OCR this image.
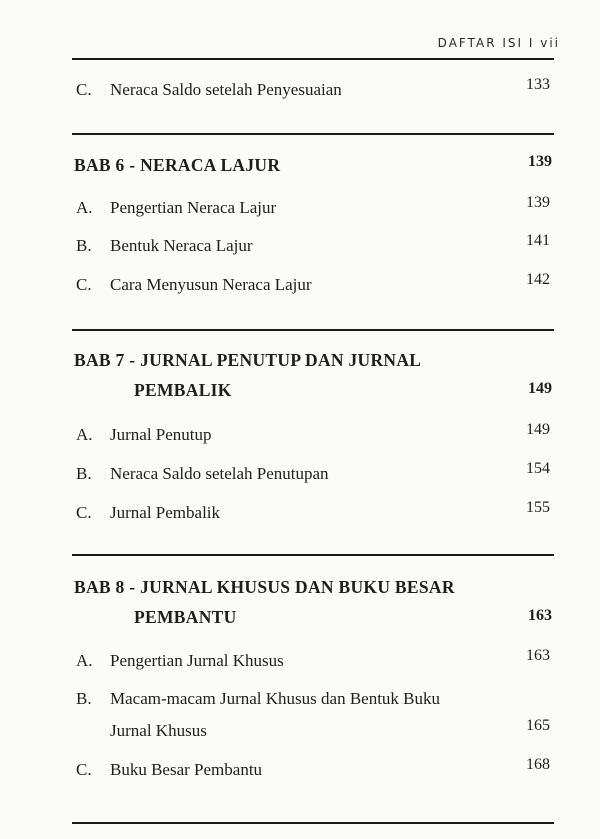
DAFTAR ISI I vii
C. Neraca Saldo setelah Penyesuaian	133
BAB 6 - NERACA LAJUR	139
A. Pengertian Neraca Lajur	139
B. Bentuk Neraca Lajur	141
C. Cara Menyusun Neraca Lajur	142
BAB 7 - JURNAL PENUTUP DAN JURNAL
PEMBALIK	149
A. Jurnal Penutup	149
B. Neraca Saldo setelah Penutupan	154
C. Jurnal Pembalik	155
BAB 8 - JURNAL KHUSUS DAN BUKU BESAR
PEMBANTU	163
A. Pengertian Jurnal Khusus	163
B. Macam-macam Jurnal Khusus dan Bentuk Buku
Jurnal Khusus	165
C. Buku Besar Pembantu	168
